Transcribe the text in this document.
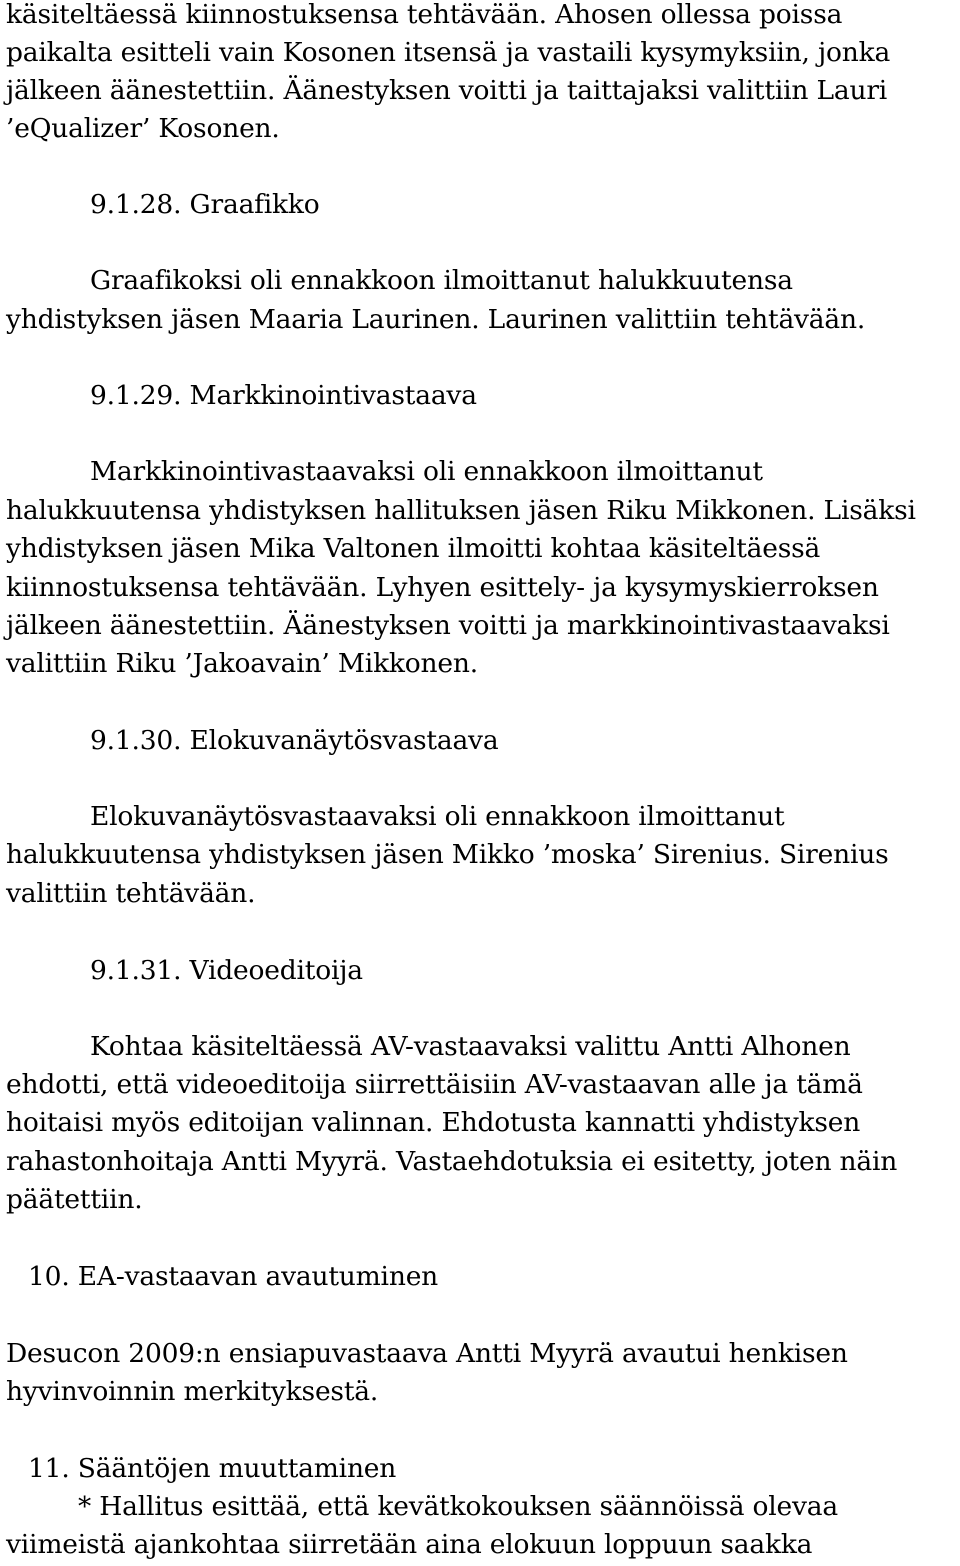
käsiteltäessä kiinnostuksensa tehtävään. Ahosen ollessa poissa
paikalta esitteli vain Kosonen itsensä ja vastaili kysymyksiin, jonka
jälkeen äänestettiin. Äänestyksen voitti ja taittajaksi valittiin Lauri
’eQualizer’ Kosonen.
9.1.28. Graafikko
Graafikoksi oli ennakkoon ilmoittanut halukkuutensa
yhdistyksen jäsen Maaria Laurinen. Laurinen valittiin tehtävään.
9.1.29. Markkinointivastaava
Markkinointivastaavaksi oli ennakkoon ilmoittanut
halukkuutensa yhdistyksen hallituksen jäsen Riku Mikkonen. Lisäksi
yhdistyksen jäsen Mika Valtonen ilmoitti kohtaa käsiteltäessä
kiinnostuksensa tehtävään. Lyhyen esittely- ja kysymyskierroksen
jälkeen äänestettiin. Äänestyksen voitti ja markkinointivastaavaksi
valittiin Riku ’Jakoavain’ Mikkonen.
9.1.30. Elokuvanäytösvastaava
Elokuvanäytösvastaavaksi oli ennakkoon ilmoittanut
halukkuutensa yhdistyksen jäsen Mikko ’moska’ Sirenius. Sirenius
valittiin tehtävään.
9.1.31. Videoeditoija
Kohtaa käsiteltäessä AV-vastaavaksi valittu Antti Alhonen
ehdotti, että videoeditoija siirrettäisiin AV-vastaavan alle ja tämä
hoitaisi myös editoijan valinnan. Ehdotusta kannatti yhdistyksen
rahastonhoitaja Antti Myyrä. Vastaehdotuksia ei esitetty, joten näin
päätettiin.
10. EA-vastaavan avautuminen
Desucon 2009:n ensiapuvastaava Antti Myyrä avautui henkisen
hyvinvoinnin merkityksestä.
11. Sääntöjen muuttaminen
* Hallitus esittää, että kevätkokouksen säännöissä olevaa
viimeistä ajankohtaa siirretään aina elokuun loppuun saakka
